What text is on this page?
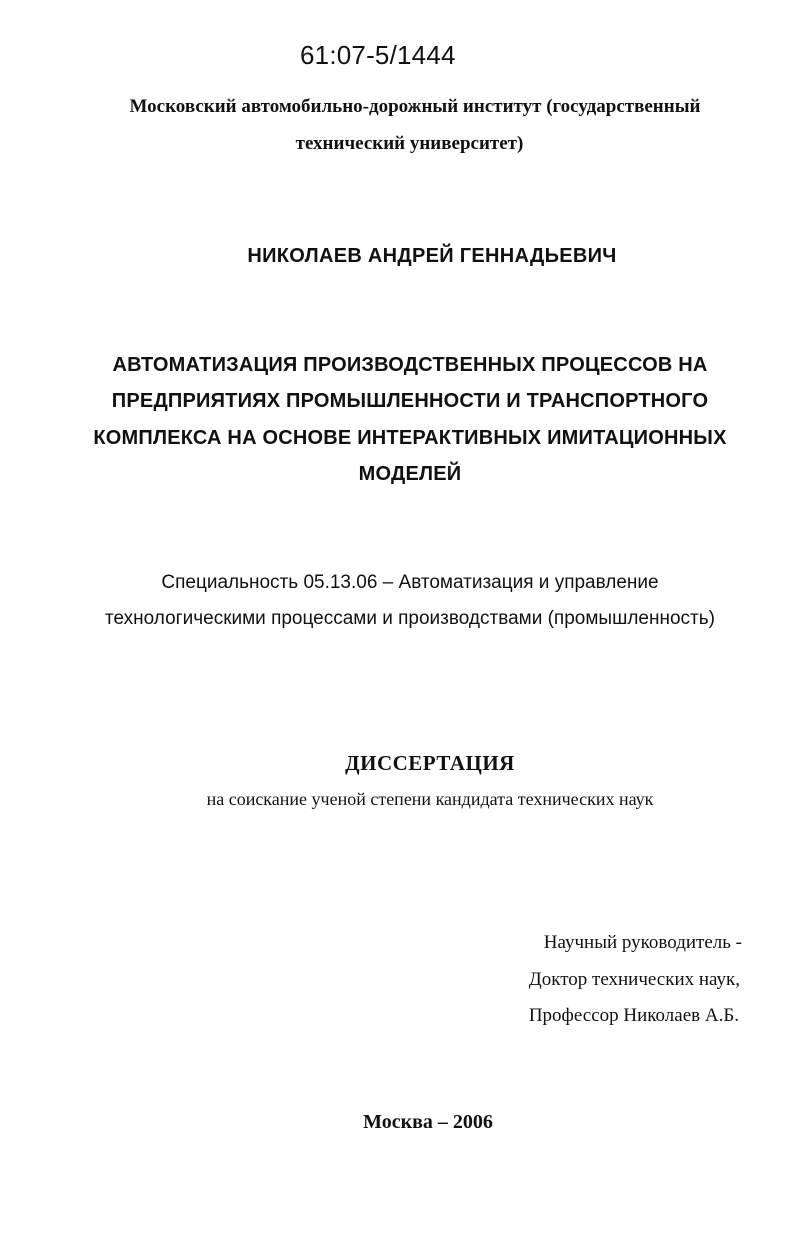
61:07-5/1444
Московский автомобильно-дорожный институт (государственный
технический университет)
НИКОЛАЕВ АНДРЕЙ ГЕННАДЬЕВИЧ
АВТОМАТИЗАЦИЯ ПРОИЗВОДСТВЕННЫХ ПРОЦЕССОВ НА
ПРЕДПРИЯТИЯХ ПРОМЫШЛЕННОСТИ И ТРАНСПОРТНОГО
КОМПЛЕКСА НА ОСНОВЕ ИНТЕРАКТИВНЫХ ИМИТАЦИОННЫХ
МОДЕЛЕЙ
Специальность 05.13.06 – Автоматизация и управление
технологическими процессами и производствами (промышленность)
ДИССЕРТАЦИЯ
на соискание ученой степени кандидата технических наук
Научный руководитель -
Доктор технических наук,
Профессор Николаев А.Б.
Москва – 2006
